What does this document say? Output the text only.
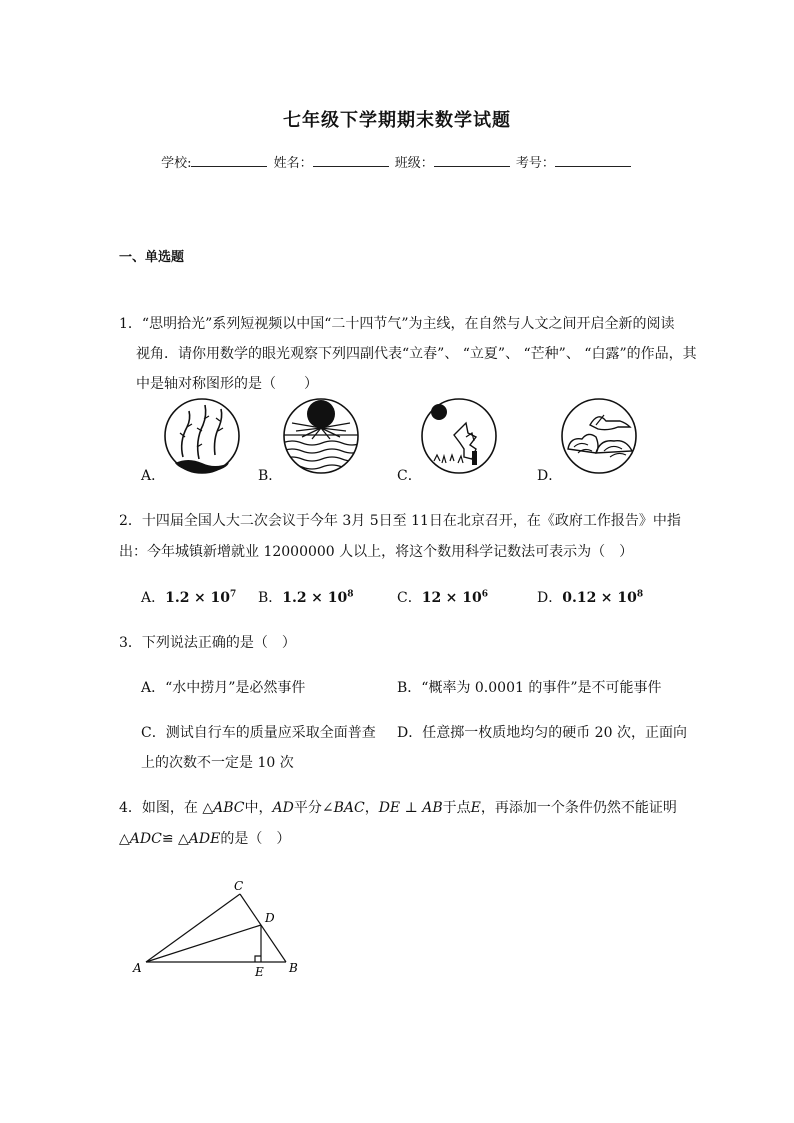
七年级下学期期末数学试题
学校:	姓名：	班级：	考号：
一、单选题
1．“思明拾光”系列短视频以中国“二十四节气”为主线，在自然与人文之间开启全新的阅读
视角．请你用数学的眼光观察下列四副代表“立春”、 “立夏”、 “芒种”、 “白露”的作品，其
中是轴对称图形的是（　　）
A．	B．	C．	D．
2．十四届全国人大二次会议于今年 3月 5日至 11日在北京召开，在《政府工作报告》中指
出：今年城镇新增就业 12000000 人以上，将这个数用科学记数法可表示为（　）
A．$1.2 \times 10^7$ B．$1.2 \times 10^8$	C．$12 \times 10^6$	D．$0.12 \times 10^8$
3．下列说法正确的是（　）
A．“水中捞月”是必然事件	B．“概率为 0.0001 的事件”是不可能事件
C．测试自行车的质量应采取全面普查 D．任意掷一枚质地均匀的硬币 20 次，正面向
上的次数不一定是 10 次
4．如图，在 △ABC中，AD平分∠BAC，DE ⊥ AB于点E，再添加一个条件仍然不能证明
△ADC≌ △ADE的是（　）
A
C
D
E B
